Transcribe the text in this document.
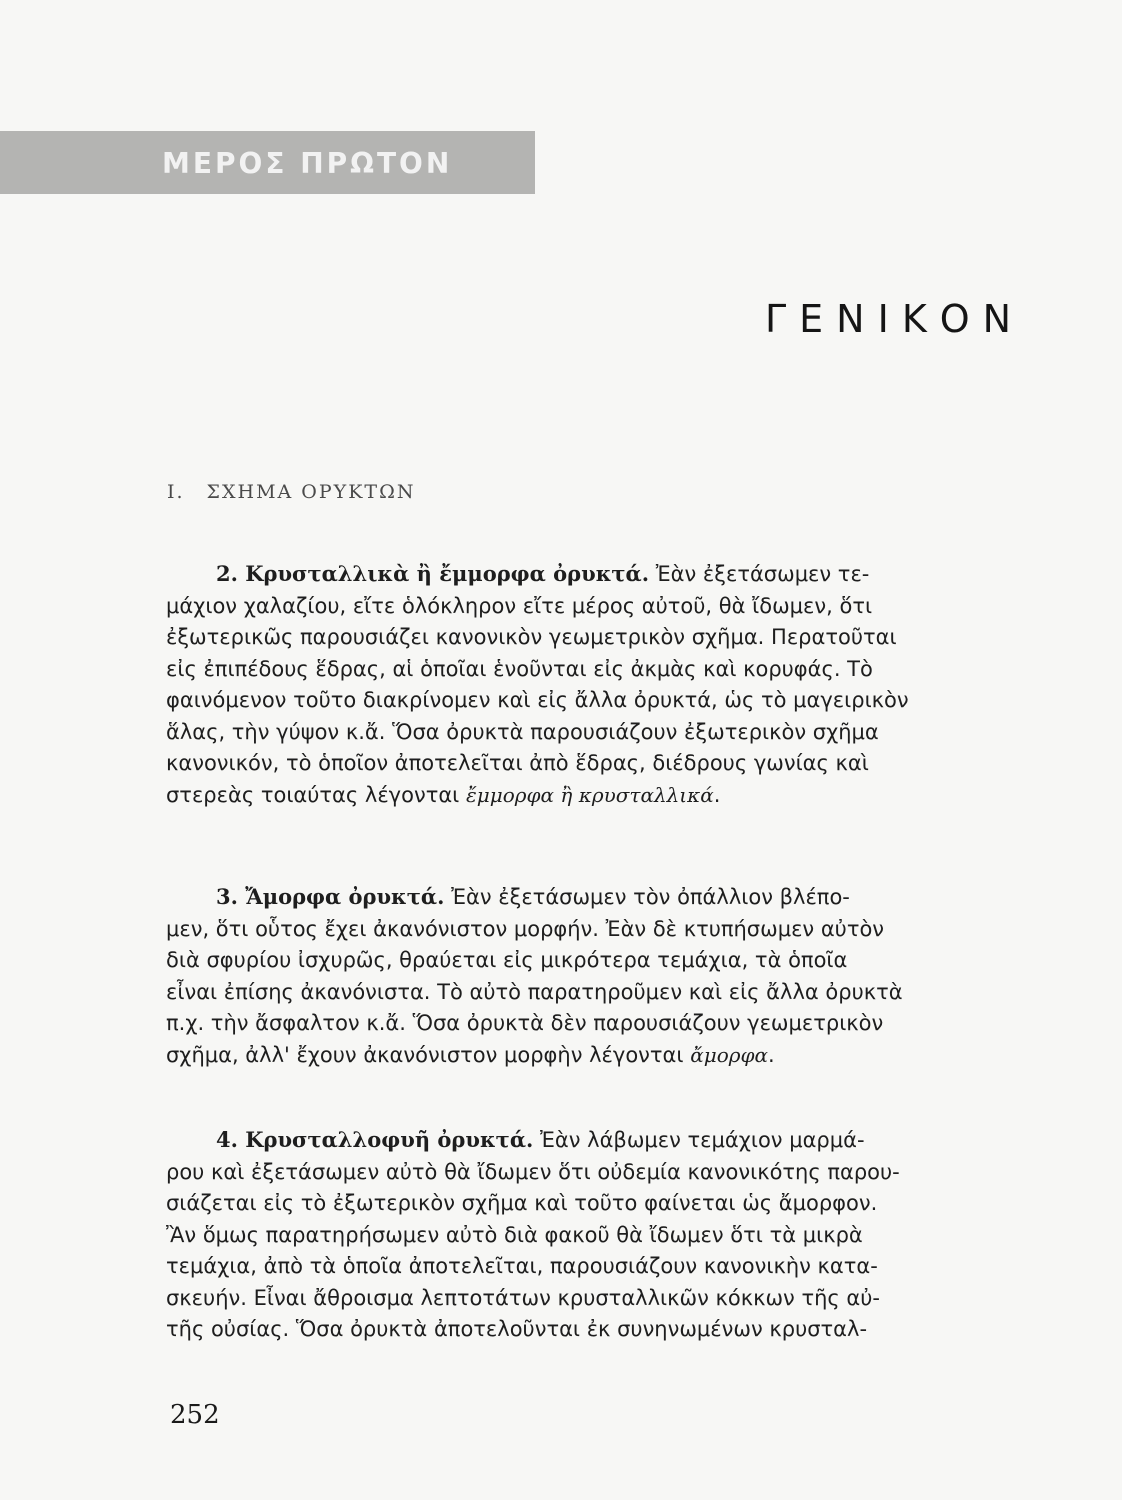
ΜΕΡΟΣ ΠΡΩΤΟΝ
ΓΕΝΙΚΟΝ
I. ΣΧΗΜΑ ΟΡΥΚΤΩΝ
2. Κρυσταλλικὰ ἢ ἔμμορφα ὀρυκτά. Ἐὰν ἐξετάσωμεν τε-
μάχιον χαλαζίου, εἴτε ὁλόκληρον εἴτε μέρος αὐτοῦ, θὰ ἴδωμεν, ὅτι
ἐξωτερικῶς παρουσιάζει κανονικὸν γεωμετρικὸν σχῆμα. Περατοῦται
εἰς ἐπιπέδους ἕδρας, αἱ ὁποῖαι ἑνοῦνται εἰς ἀκμὰς καὶ κορυφάς. Τὸ
φαινόμενον τοῦτο διακρίνομεν καὶ εἰς ἄλλα ὀρυκτά, ὡς τὸ μαγειρικὸν
ἅλας, τὴν γύψον κ.ἄ. Ὅσα ὀρυκτὰ παρουσιάζουν ἐξωτερικὸν σχῆμα
κανονικόν, τὸ ὁποῖον ἀποτελεῖται ἀπὸ ἕδρας, διέδρους γωνίας καὶ
στερεὰς τοιαύτας λέγονται ἔμμορφα ἢ κρυσταλλικά.
3. Ἄμορφα ὀρυκτά. Ἐὰν ἐξετάσωμεν τὸν ὀπάλλιον βλέπο-
μεν, ὅτι οὗτος ἔχει ἀκανόνιστον μορφήν. Ἐὰν δὲ κτυπήσωμεν αὐτὸν
διὰ σφυρίου ἰσχυρῶς, θραύεται εἰς μικρότερα τεμάχια, τὰ ὁποῖα
εἶναι ἐπίσης ἀκανόνιστα. Τὸ αὐτὸ παρατηροῦμεν καὶ εἰς ἄλλα ὀρυκτὰ
π.χ. τὴν ἄσφαλτον κ.ἄ. Ὅσα ὀρυκτὰ δὲν παρουσιάζουν γεωμετρικὸν
σχῆμα, ἀλλ' ἔχουν ἀκανόνιστον μορφὴν λέγονται ἄμορφα.
4. Κρυσταλλοφυῆ ὀρυκτά. Ἐὰν λάβωμεν τεμάχιον μαρμά-
ρου καὶ ἐξετάσωμεν αὐτὸ θὰ ἴδωμεν ὅτι οὐδεμία κανονικότης παρου-
σιάζεται εἰς τὸ ἐξωτερικὸν σχῆμα καὶ τοῦτο φαίνεται ὡς ἄμορφον.
Ἂν ὅμως παρατηρήσωμεν αὐτὸ διὰ φακοῦ θὰ ἴδωμεν ὅτι τὰ μικρὰ
τεμάχια, ἀπὸ τὰ ὁποῖα ἀποτελεῖται, παρουσιάζουν κανονικὴν κατα-
σκευήν. Εἶναι ἄθροισμα λεπτοτάτων κρυσταλλικῶν κόκκων τῆς αὐ-
τῆς οὐσίας. Ὅσα ὀρυκτὰ ἀποτελοῦνται ἐκ συνηνωμένων κρυσταλ-
252
